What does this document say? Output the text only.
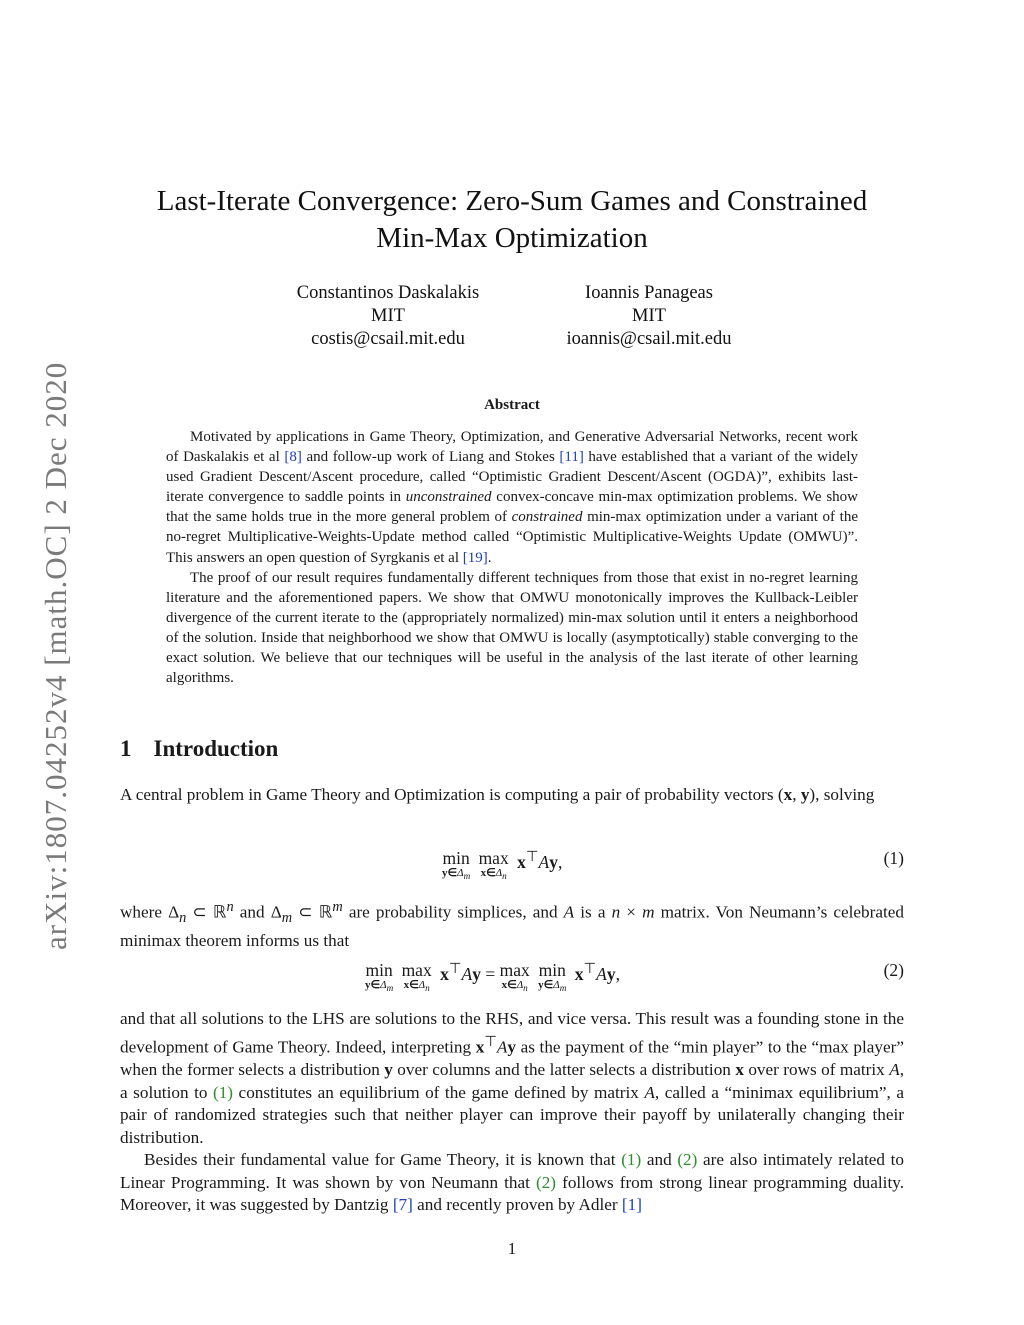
arXiv:1807.04252v4 [math.OC] 2 Dec 2020
Last-Iterate Convergence: Zero-Sum Games and Constrained
Min-Max Optimization
Constantinos Daskalakis
MIT
costis@csail.mit.edu
Ioannis Panageas
MIT
ioannis@csail.mit.edu
Abstract

Motivated by applications in Game Theory, Optimization, and Generative Adversarial Networks, recent work of Daskalakis et al [8] and follow-up work of Liang and Stokes [11] have established that a variant of the widely used Gradient Descent/Ascent procedure, called “Optimistic Gradient Descent/Ascent (OGDA)”, exhibits last-iterate convergence to saddle points in unconstrained convex-concave min-max optimization problems. We show that the same holds true in the more general problem of constrained min-max optimization under a variant of the no-regret Multiplicative-Weights-Update method called “Optimistic Multiplicative-Weights Update (OMWU)”. This answers an open question of Syrgkanis et al [19].

The proof of our result requires fundamentally different techniques from those that exist in no-regret learning literature and the aforementioned papers. We show that OMWU monotonically improves the Kullback-Leibler divergence of the current iterate to the (appropriately normalized) min-max solution until it enters a neighborhood of the solution. Inside that neighborhood we show that OMWU is locally (asymptotically) stable converging to the exact solution. We believe that our techniques will be useful in the analysis of the last iterate of other learning algorithms.

1 Introduction

A central problem in Game Theory and Optimization is computing a pair of probability vectors (x, y), solving

min
$y\in\Delta_m$
max
$x\in\Delta_n$
x⊤Ay,	(1)

where $\Delta_n$ ⊂ ℝ$^n$ and $\Delta_m$ ⊂ ℝ$^m$ are probability simplices, and A is a n × m matrix. Von Neumann’s celebrated minimax theorem informs us that

min
$y\in\Delta_m$
max
$x\in\Delta_n$
x⊤Ay = max
$x\in\Delta_n$
min
$y\in\Delta_m$
x⊤Ay,	(2)

and that all solutions to the LHS are solutions to the RHS, and vice versa. This result was a founding stone in the development of Game Theory. Indeed, interpreting x⊤Ay as the payment of the “min player” to the “max player” when the former selects a distribution y over columns and the latter selects a distribution x over rows of matrix A, a solution to (1) constitutes an equilibrium of the game defined by matrix A, called a “minimax equilibrium”, a pair of randomized strategies such that neither player can improve their payoff by unilaterally changing their distribution.

Besides their fundamental value for Game Theory, it is known that (1) and (2) are also intimately related to Linear Programming. It was shown by von Neumann that (2) follows from strong linear programming duality. Moreover, it was suggested by Dantzig [7] and recently proven by Adler [1]

1
